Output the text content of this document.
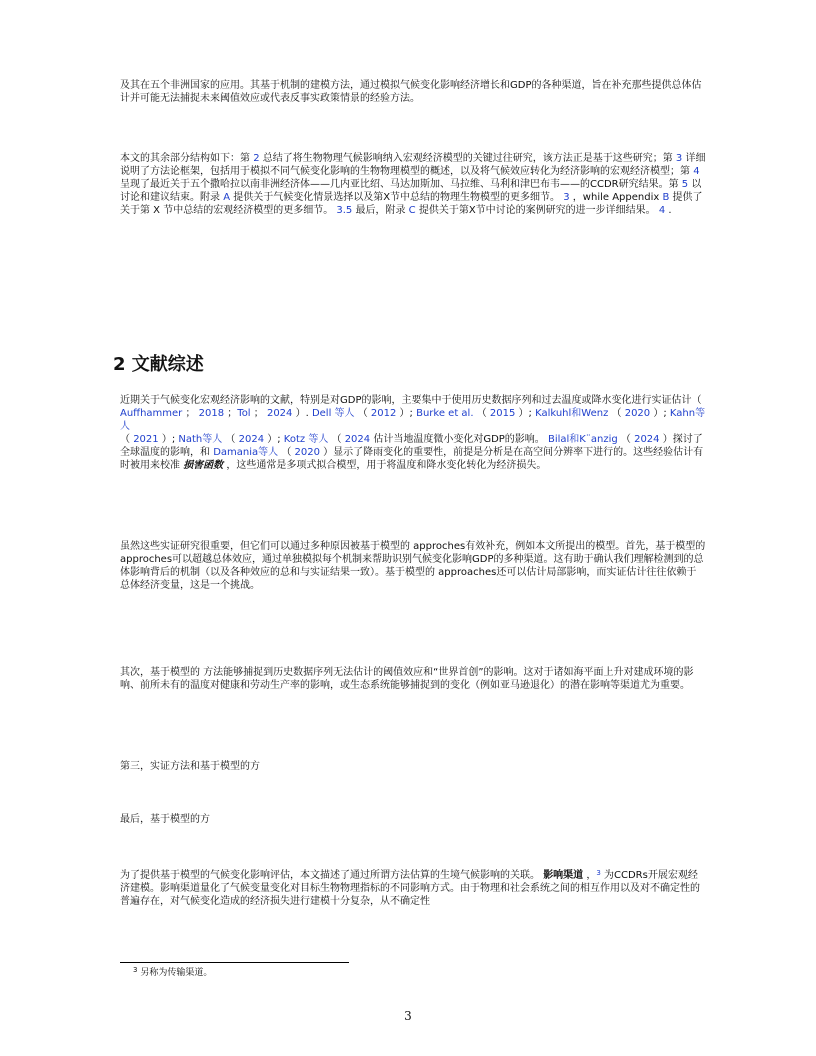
及其在五个非洲国家的应用。其基于机制的建模方法，通过模拟气候变化影响经济增长和GDP的各种渠道，旨在补充那些提供总体估计并可能无法捕捉未来阈值效应或代表反事实政策情景的经验方法。

本文的其余部分结构如下：第 2 总结了将生物物理气候影响纳入宏观经济模型的关键过往研究，该方法正是基于这些研究；第 3 详细说明了方法论框架，包括用于模拟不同气候变化影响的生物物理模型的概述，以及将气候效应转化为经济影响的宏观经济模型；第 4 呈现了最近关于五个撒哈拉以南非洲经济体——几内亚比绍、马达加斯加、马拉维、马利和津巴布韦——的CCDR研究结果。第 5 以讨论和建议结束。附录 A 提供关于气候变化情景选择以及第X节中总结的物理生物模型的更多细节。 3 ，while Appendix B 提供了关于第 X 节中总结的宏观经济模型的更多细节。 3.5 最后，附录 C 提供关于第X节中讨论的案例研究的进一步详细结果。 4 .

2 文献综述

近期关于气候变化宏观经济影响的文献，特别是对GDP的影响，主要集中于使用历史数据序列和过去温度或降水变化进行实证估计（ Auffhammer ； 2018 ；Tol ； 2024 ）. Dell 等人 （ 2012 ）; Burke et al. （ 2015 ）; Kalkuhl和Wenz （ 2020 ）; Kahn等人
（ 2021 ）; Nath等人 （ 2024 ）; Kotz 等人 （ 2024 估计当地温度微小变化对GDP的影响。 Bilal和K¨anzig （ 2024 ）探讨了全球温度的影响，和 Damania等人 （ 2020 ）显示了降雨变化的重要性，前提是分析是在高空间分辨率下进行的。这些经验估计有时被用来校准 损害函数 ，这些通常是多项式拟合模型，用于将温度和降水变化转化为经济损失。

虽然这些实证研究很重要，但它们可以通过多种原因被基于模型的 approches有效补充，例如本文所提出的模型。首先，基于模型的 approches可以超越总体效应，通过单独模拟每个机制来帮助识别气候变化影响GDP的多种渠道。这有助于确认我们理解检测到的总体影响背后的机制（以及各种效应的总和与实证结果一致）。基于模型的 approaches还可以估计局部影响，而实证估计往往依赖于总体经济变量，这是一个挑战。

其次，基于模型的 方法能够捕捉到历史数据序列无法估计的阈值效应和“世界首创”的影响。这对于诸如海平面上升对建成环境的影响、前所未有的温度对健康和劳动生产率的影响，或生态系统能够捕捉到的变化（例如亚马逊退化）的潜在影响等渠道尤为重要。

第三，实证方法和基于模型的方

最后，基于模型的方

为了提供基于模型的气候变化影响评估，本文描述了通过所谓方法估算的生境气候影响的关联。 影响渠道 ，$^3$ 为CCDRs开展宏观经济建模。影响渠道量化了气候变量变化对目标生物物理指标的不同影响方式。由于物理和社会系统之间的相互作用以及对不确定性的普遍存在，对气候变化造成的经济损失进行建模十分复杂，从不确定性

$^3$ 另称为传输渠道。

3
